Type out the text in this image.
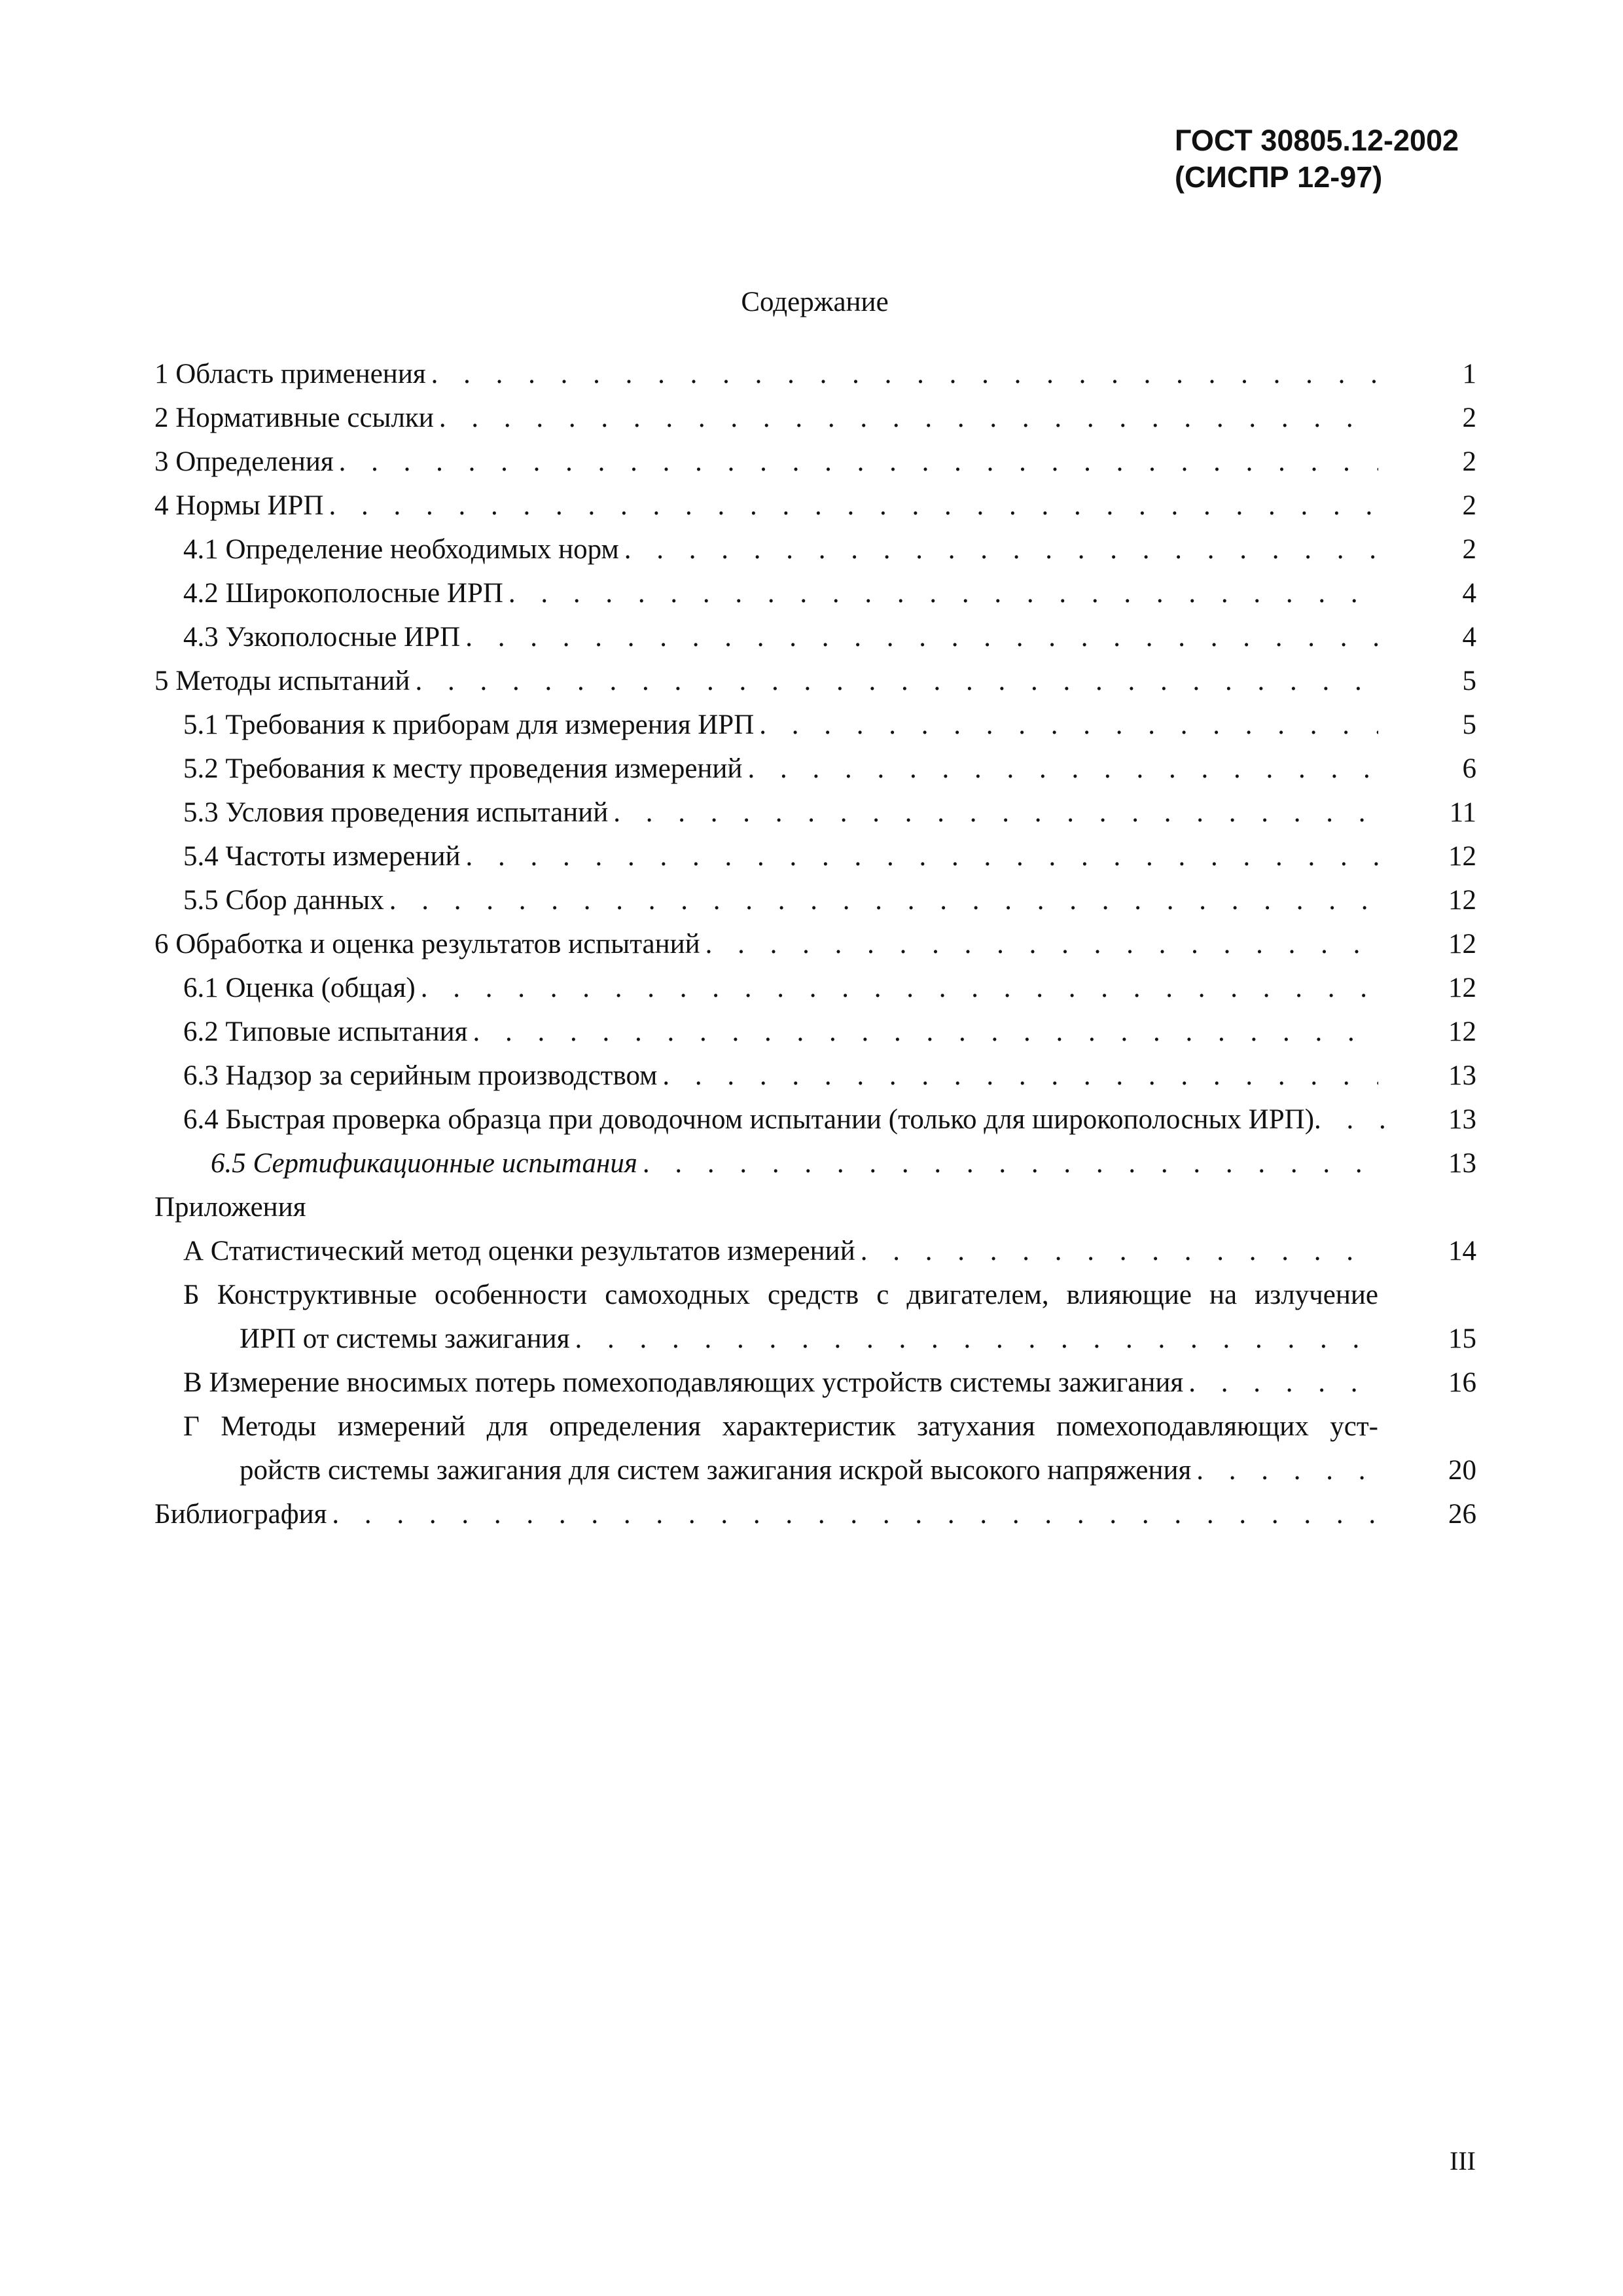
ГОСТ 30805.12-2002
(СИСПР 12-97)
Содержание
1 Область применения . . .	1
2 Нормативные ссылки . . .	2
3 Определения . . .	2
4 Нормы ИРП . . .	2
4.1 Определение необходимых норм . . .	2
4.2 Широкополосные ИРП . . .	4
4.3 Узкополосные ИРП . . .	4
5 Методы испытаний . . .	5
5.1 Требования к приборам для измерения ИРП . . .	5
5.2 Требования к месту проведения измерений . . .	6
5.3 Условия проведения испытаний . . .	11
5.4 Частоты измерений . . .	12
5.5 Сбор данных . . .	12
6 Обработка и оценка результатов испытаний . . .	12
6.1 Оценка (общая) . . .	12
6.2 Типовые испытания . . .	12
6.3 Надзор за серийным производством . . .	13
6.4 Быстрая проверка образца при доводочном испытании (только для широкополосных ИРП) . . .	13
6.5 Сертификационные испытания . . .	13
Приложения
А Статистический метод оценки результатов измерений . . .	14
Б Конструктивные особенности самоходных средств с двигателем, влияющие на излучение
ИРП от системы зажигания . . .	15
В Измерение вносимых потерь помехоподавляющих устройств системы зажигания . . .	16
Г Методы измерений для определения характеристик затухания помехоподавляющих уст-
ройств системы зажигания для систем зажигания искрой высокого напряжения . . .	20
Библиография . . .	26
III
